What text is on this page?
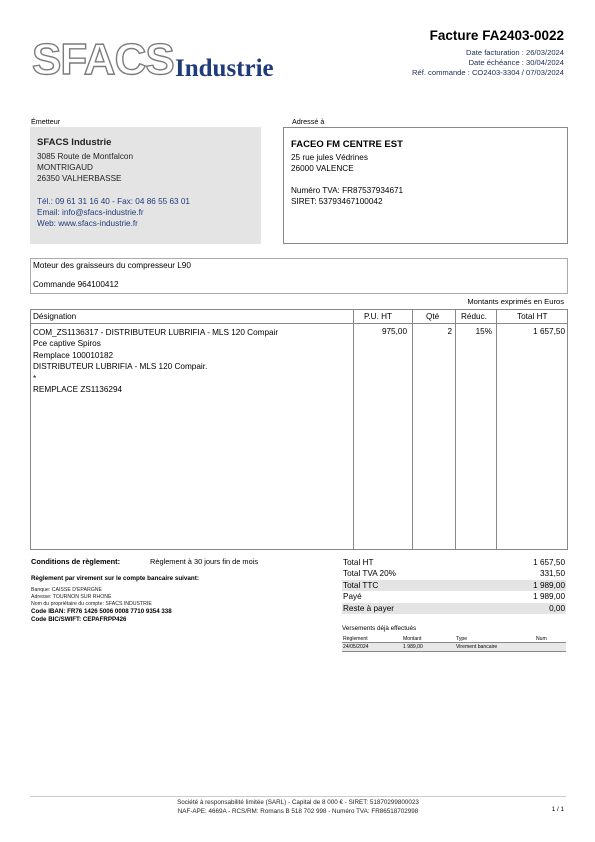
SFACS Industrie
Facture FA2403-0022
Date facturation : 26/03/2024
Date échéance : 30/04/2024
Réf. commande : CO2403-3304 / 07/03/2024
Émetteur
SFACS Industrie
3085 Route de Montfalcon
MONTRIGAUD
26350 VALHERBASSE
Tél.: 09 61 31 16 40 - Fax: 04 86 55 63 01
Email: info@sfacs-industrie.fr
Web: www.sfacs-industrie.fr
Adressé à
FACEO FM CENTRE EST
25 rue jules Védrines
26000 VALENCE
Numéro TVA: FR87537934671
SIRET: 53793467100042
Moteur des graisseurs du compresseur L90
Commande 964100412
Montants exprimés en Euros
Désignation	P.U. HT	Qté	Réduc.	Total HT
COM_ZS1136317 - DISTRIBUTEUR LUBRIFIA - MLS 120 Compair
Pce captive Spiros
Remplace 100010182
DISTRIBUTEUR LUBRIFIA - MLS 120 Compair.
*
REMPLACE ZS1136294
975,00	2	15%	1 657,50
Conditions de règlement:	Règlement à 30 jours fin de mois
Règlement par virement sur le compte bancaire suivant:
Banque: CAISSE D'EPARGNE
Adresse: TOURNON SUR RHONE
Nom du propriétaire du compte: SFACS INDUSTRIE
Code IBAN: FR76 1426 5006 0008 7710 9354 338
Code BIC/SWIFT: CEPAFRPP426
Total HT	1 657,50
Total TVA 20%	331,50
Total TTC	1 989,00
Payé	1 989,00
Reste à payer	0,00
Versements déjà effectués
Règlement	Montant	Type	Num
24/05/2024	1 989,00	Virement bancaire
Société à responsabilité limitée (SARL) - Capital de 8 000 € - SIRET: 51870299800023
NAF-APE: 4669A - RCS/RM: Romans B 518 702 998 - Numéro TVA: FR86518702998	1 / 1
